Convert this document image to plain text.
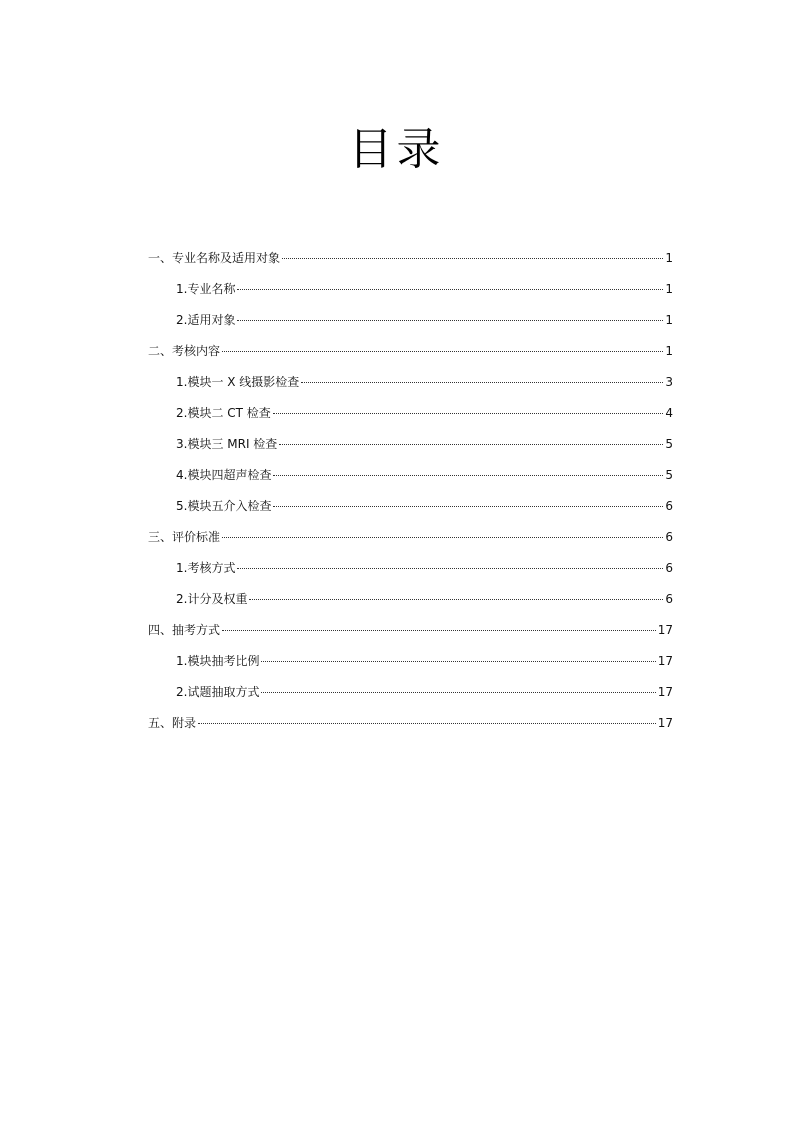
目录
一、专业名称及适用对象	1
1.专业名称	1
2.适用对象	1
二、考核内容	1
1.模块一 X 线摄影检查	3
2.模块二 CT 检查	4
3.模块三 MRI 检查	5
4.模块四超声检查	5
5.模块五介入检查	6
三、评价标准	6
1.考核方式	6
2.计分及权重	6
四、抽考方式	17
1.模块抽考比例	17
2.试题抽取方式	17
五、附录	17
